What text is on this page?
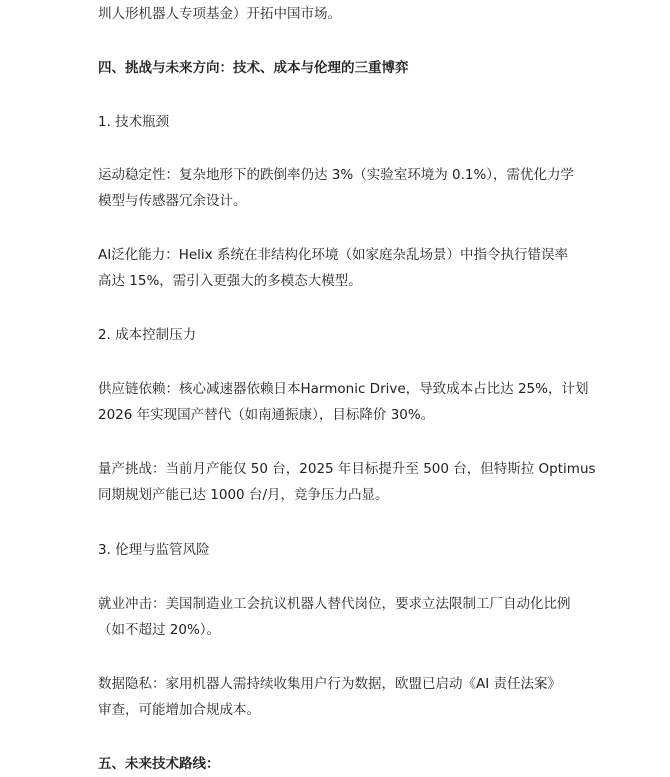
圳人形机器人专项基金）开拓中国市场。

四、挑战与未来方向：技术、成本与伦理的三重博弈

1. 技术瓶颈

运动稳定性：复杂地形下的跌倒率仍达 3%（实验室环境为 0.1%），需优化力学

模型与传感器冗余设计。

AI泛化能力：Helix 系统在非结构化环境（如家庭杂乱场景）中指令执行错误率

高达 15%，需引入更强大的多模态大模型。

2. 成本控制压力

供应链依赖：核心减速器依赖日本Harmonic Drive，导致成本占比达 25%，计划

2026 年实现国产替代（如南通振康），目标降价 30%。

量产挑战：当前月产能仅 50 台，2025 年目标提升至 500 台，但特斯拉 Optimus

同期规划产能已达 1000 台/月，竞争压力凸显。

3. 伦理与监管风险

就业冲击：美国制造业工会抗议机器人替代岗位，要求立法限制工厂自动化比例

（如不超过 20%）。

数据隐私：家用机器人需持续收集用户行为数据，欧盟已启动《AI 责任法案》

审查，可能增加合规成本。

五、未来技术路线：
